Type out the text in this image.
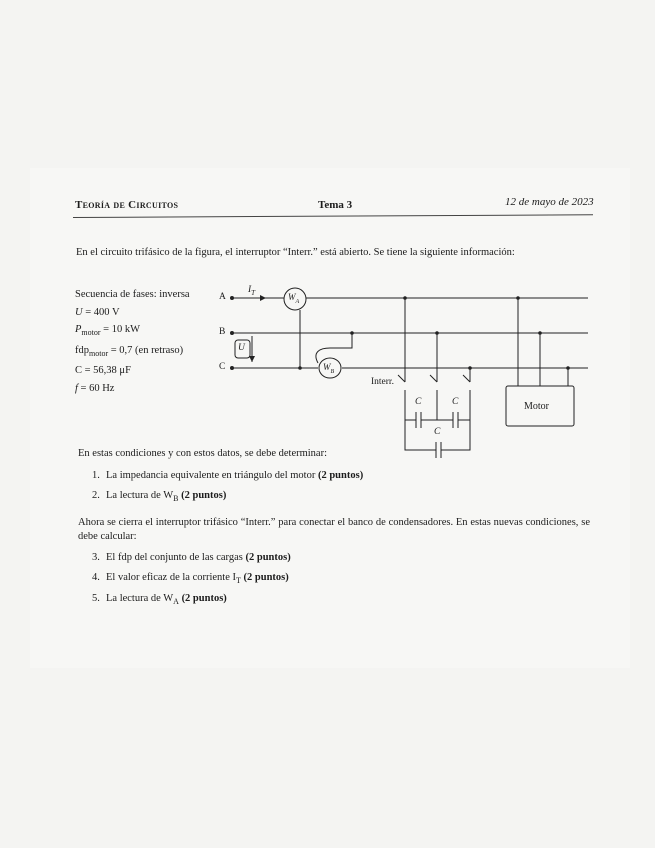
Teoría de Circuitos	Tema 3	12 de mayo de 2023
En el circuito trifásico de la figura, el interruptor “Interr.” está abierto. Se tiene la siguiente información:
Secuencia de fases: inversa
U = 400 V
$P_{motor} = 10$ kW
fdp$_{motor}$ = 0,7 (en retraso)
C = 56,38 μF
f = 60 Hz
A
B
C
$I_T$
U
$W_A$
$W_B$
Interr.
C	C
C
Motor
En estas condiciones y con estos datos, se debe determinar:
1. La impedancia equivalente en triángulo del motor (2 puntos)
2. La lectura de $W_B$ (2 puntos)
Ahora se cierra el interruptor trifásico “Interr.” para conectar el banco de condensadores. En estas nuevas condiciones, se debe calcular:
3. El fdp del conjunto de las cargas (2 puntos)
4. El valor eficaz de la corriente $I_T$ (2 puntos)
5. La lectura de $W_A$ (2 puntos)
